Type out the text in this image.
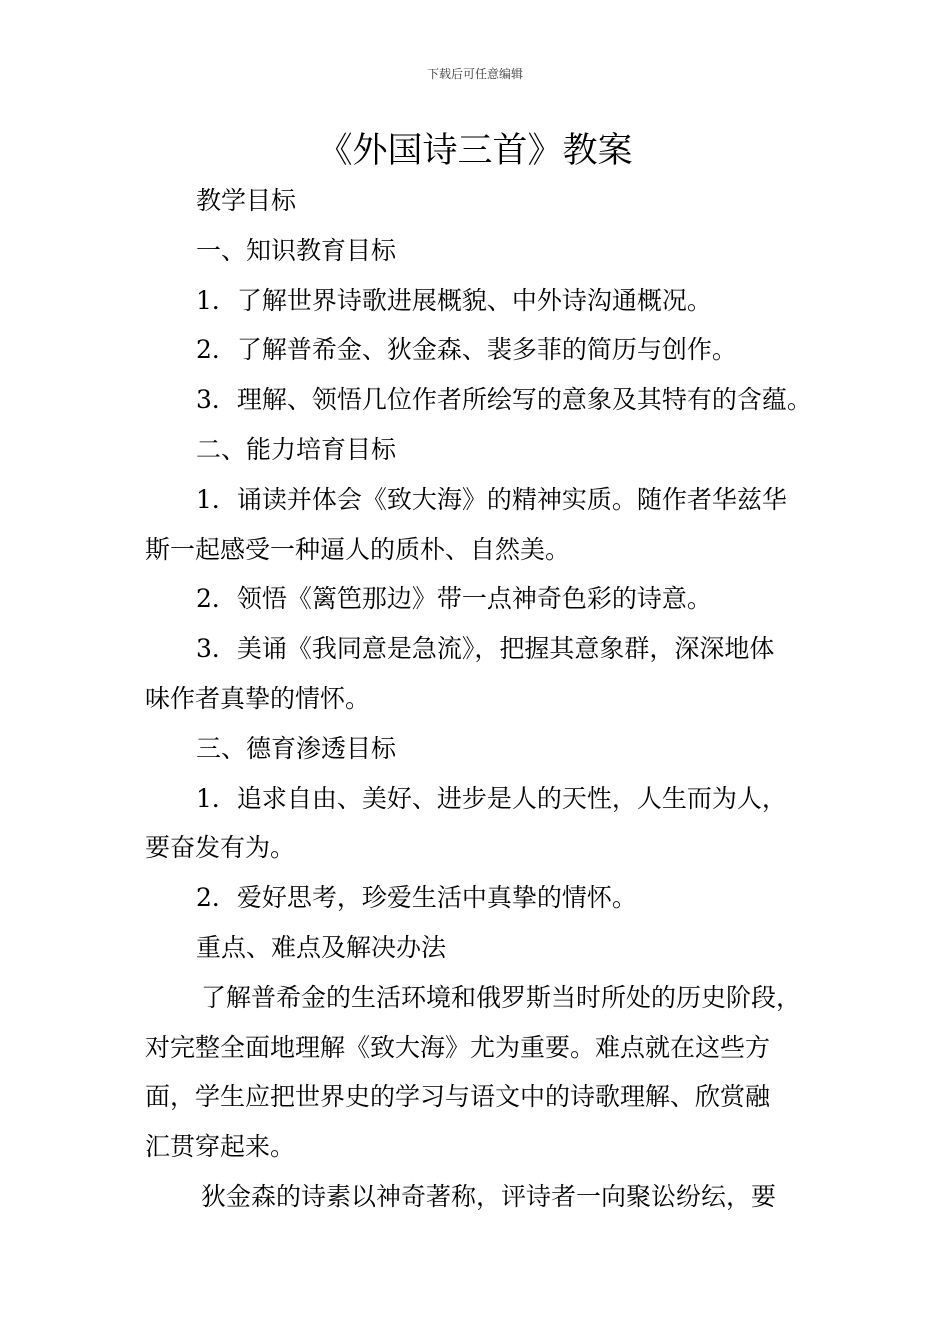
下载后可任意编辑
《外国诗三首》教案
教学目标
一、知识教育目标
1．了解世界诗歌进展概貌、中外诗沟通概况。
2．了解普希金、狄金森、裴多菲的简历与创作。
3．理解、领悟几位作者所绘写的意象及其特有的含蕴。
二、能力培育目标
1．诵读并体会《致大海》的精神实质。随作者华兹华
斯一起感受一种逼人的质朴、自然美。
2．领悟《篱笆那边》带一点神奇色彩的诗意。
3．美诵《我同意是急流》，把握其意象群，深深地体
味作者真挚的情怀。
三、德育渗透目标
1．追求自由、美好、进步是人的天性，人生而为人，
要奋发有为。
2．爱好思考，珍爱生活中真挚的情怀。
重点、难点及解决办法
了解普希金的生活环境和俄罗斯当时所处的历史阶段，
对完整全面地理解《致大海》尤为重要。难点就在这些方
面，学生应把世界史的学习与语文中的诗歌理解、欣赏融
汇贯穿起来。
狄金森的诗素以神奇著称，评诗者一向聚讼纷纭，要
